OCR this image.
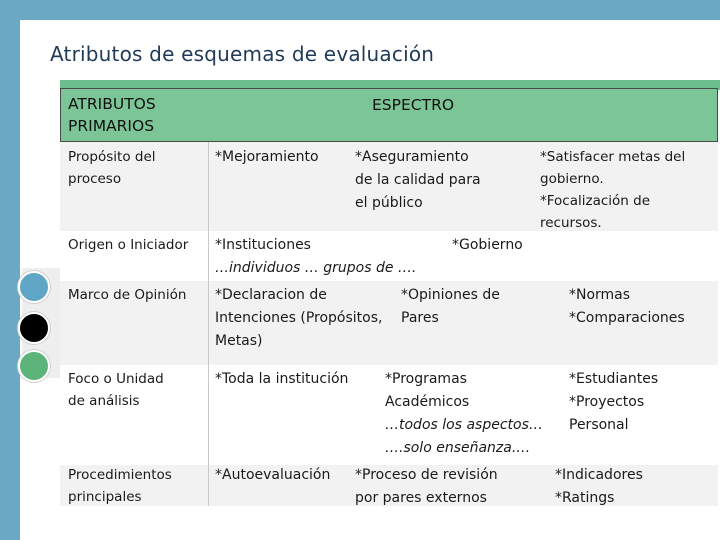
Atributos de esquemas de evaluación
ATRIBUTOS PRIMARIOS
ESPECTRO
Propósito del proceso
*Mejoramiento	*Aseguramiento
de la calidad para
el público
*Satisfacer metas del
gobierno.
*Focalización de
recursos.
Origen o Iniciador *Instituciones
…individuos … grupos de ….
*Gobierno
Marco de Opinión *Declaracion de
Intenciones (Propósitos,
Metas)
*Opiniones de
Pares
*Normas
*Comparaciones
Foco o Unidad
de análisis
*Toda la institución	*Programas
Académicos
…todos los aspectos…
….solo enseñanza.…
*Estudiantes
*Proyectos
Personal
Procedimientos
principales
*Autoevaluación *Proceso de revisión
por pares externos
*Indicadores
*Ratings
